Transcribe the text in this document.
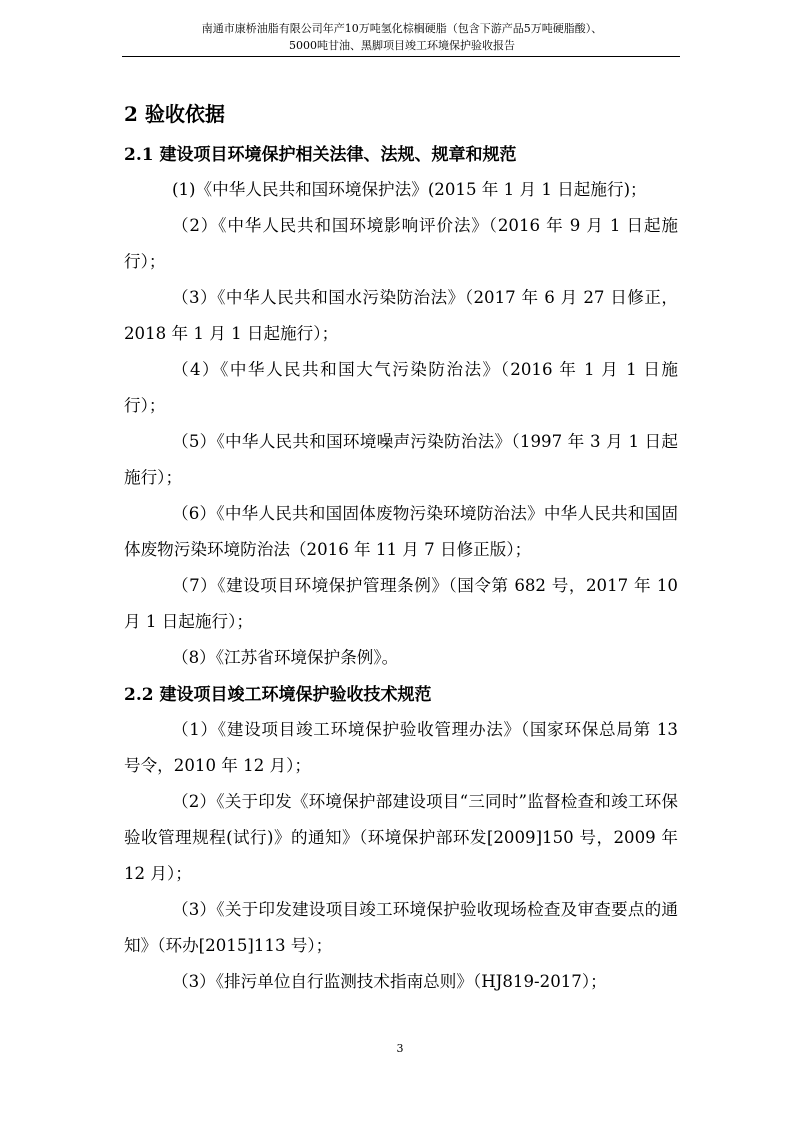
南通市康桥油脂有限公司年产10万吨氢化棕榈硬脂（包含下游产品5万吨硬脂酸）、
5000吨甘油、黑脚项目竣工环境保护验收报告
2 验收依据
2.1 建设项目环境保护相关法律、法规、规章和规范

(1)《中华人民共和国环境保护法》(2015 年 1 月 1 日起施行)；

（2）《中华人民共和国环境影响评价法》（2016 年 9 月 1 日起施行）；

（3）《中华人民共和国水污染防治法》（2017 年 6 月 27 日修正，2018 年 1 月 1 日起施行）；

（4）《中华人民共和国大气污染防治法》（2016 年 1 月 1 日施行）；

（5）《中华人民共和国环境噪声污染防治法》（1997 年 3 月 1 日起施行）；

（6）《中华人民共和国固体废物污染环境防治法》中华人民共和国固体废物污染环境防治法（2016 年 11 月 7 日修正版）；

（7）《建设项目环境保护管理条例》（国令第 682 号，2017 年 10 月 1 日起施行）；

（8）《江苏省环境保护条例》。

2.2 建设项目竣工环境保护验收技术规范

（1）《建设项目竣工环境保护验收管理办法》（国家环保总局第 13 号令，2010 年 12 月）；

（2）《关于印发《环境保护部建设项目“三同时”监督检查和竣工环保验收管理规程(试行)》的通知》（环境保护部环发[2009]150 号，2009 年 12 月）；

（3）《关于印发建设项目竣工环境保护验收现场检查及审查要点的通知》（环办[2015]113 号）；

（3）《排污单位自行监测技术指南总则》（HJ819-2017）；

3
